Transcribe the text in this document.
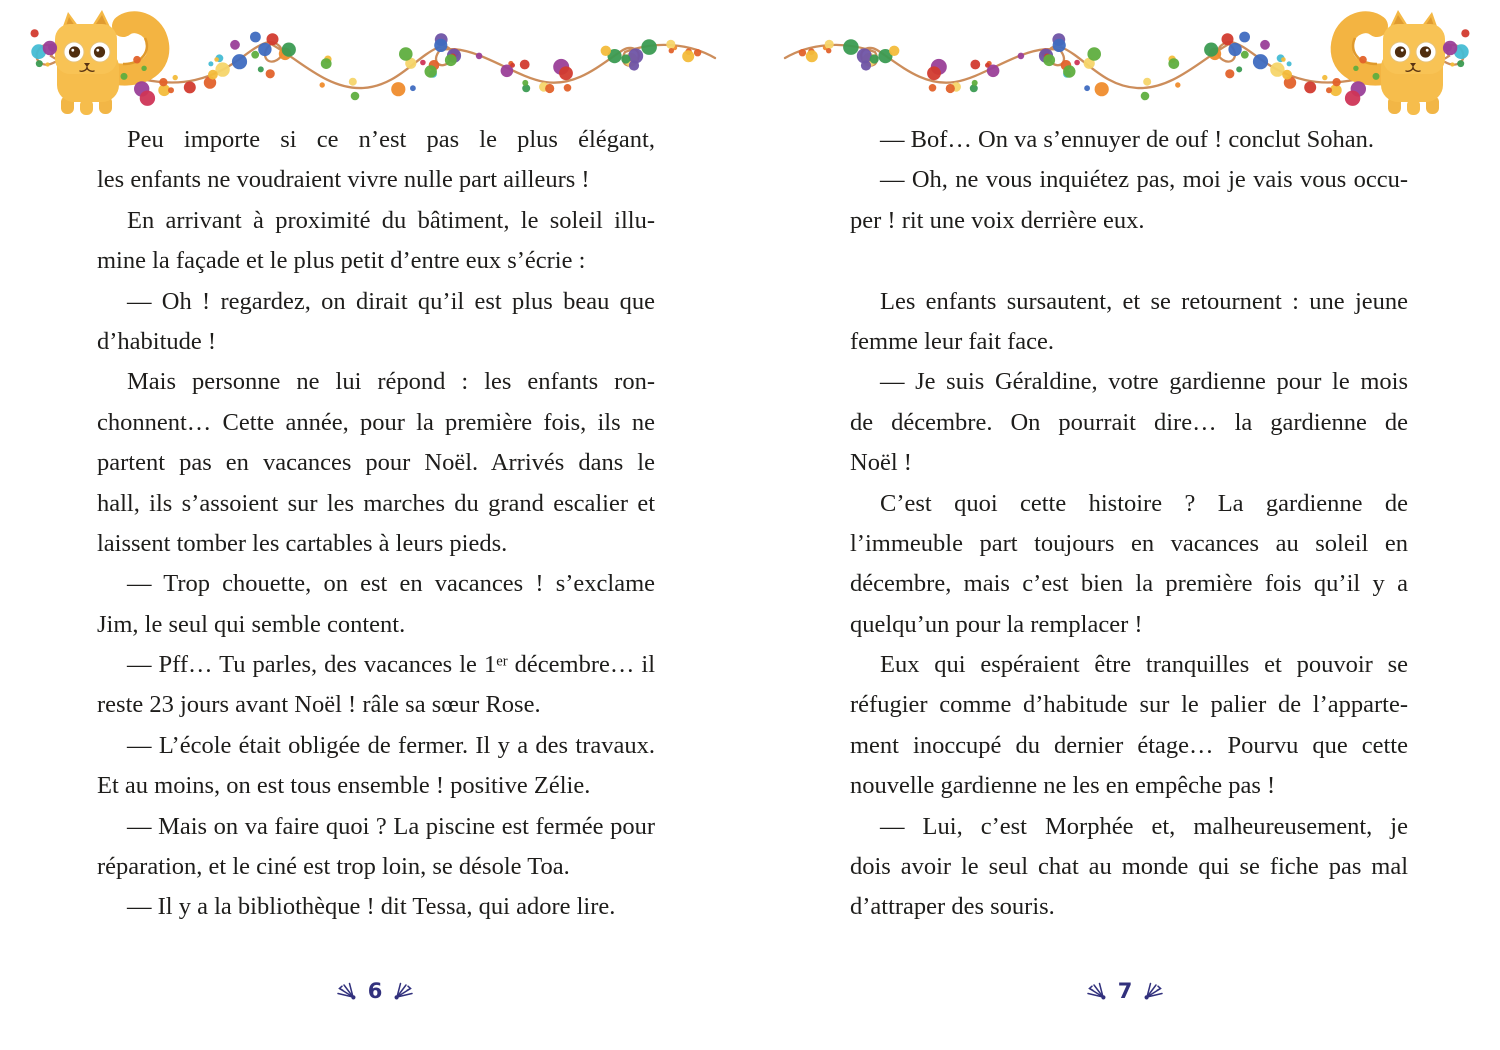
Peu importe si ce n’est pas le plus élégant,
les enfants ne voudraient vivre nulle part ailleurs !
En arrivant à proximité du bâtiment, le soleil illu-
mine la façade et le plus petit d’entre eux s’écrie :
— Oh ! regardez, on dirait qu’il est plus beau que
d’habitude !
Mais personne ne lui répond : les enfants ron-
chonnent… Cette année, pour la première fois, ils ne
partent pas en vacances pour Noël. Arrivés dans le
hall, ils s’assoient sur les marches du grand escalier et
laissent tomber les cartables à leurs pieds.
— Trop chouette, on est en vacances ! s’exclame
Jim, le seul qui semble content.
— Pff… Tu parles, des vacances le 1er décembre… il
reste 23 jours avant Noël ! râle sa sœur Rose.
— L’école était obligée de fermer. Il y a des travaux.
Et au moins, on est tous ensemble ! positive Zélie.
— Mais on va faire quoi ? La piscine est fermée pour
réparation, et le ciné est trop loin, se désole Toa.
— Il y a la bibliothèque ! dit Tessa, qui adore lire.
6
— Bof… On va s’ennuyer de ouf ! conclut Sohan.
— Oh, ne vous inquiétez pas, moi je vais vous occu-
per ! rit une voix derrière eux.
Les enfants sursautent, et se retournent : une jeune
femme leur fait face.
— Je suis Géraldine, votre gardienne pour le mois
de décembre. On pourrait dire… la gardienne de
Noël !
C’est quoi cette histoire ? La gardienne de
l’immeuble part toujours en vacances au soleil en
décembre, mais c’est bien la première fois qu’il y a
quelqu’un pour la remplacer !
Eux qui espéraient être tranquilles et pouvoir se
réfugier comme d’habitude sur le palier de l’apparte-
ment inoccupé du dernier étage… Pourvu que cette
nouvelle gardienne ne les en empêche pas !
— Lui, c’est Morphée et, malheureusement, je
dois avoir le seul chat au monde qui se fiche pas mal
d’attraper des souris.
7
